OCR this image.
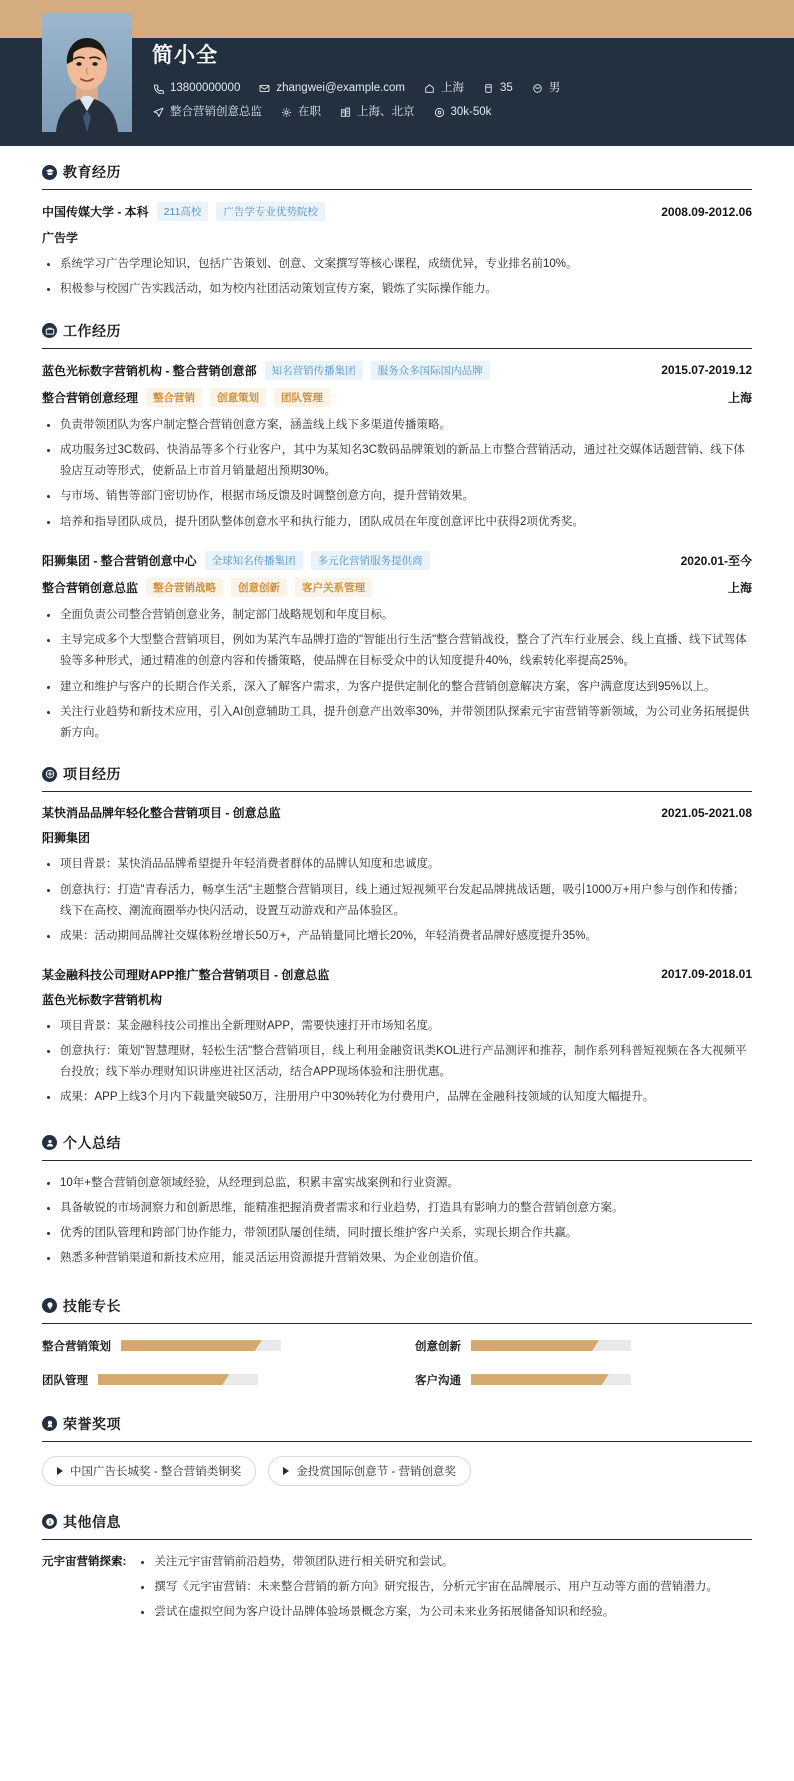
简小全
13800000000	zhangwei@example.com	上海	35	男
整合营销创意总监	在职	上海、北京	30k-50k
教育经历
中国传媒大学 - 本科	211高校	广告学专业优势院校	2008.09-2012.06
广告学
系统学习广告学理论知识，包括广告策划、创意、文案撰写等核心课程，成绩优异，专业排名前10%。
积极参与校园广告实践活动，如为校内社团活动策划宣传方案，锻炼了实际操作能力。
工作经历
蓝色光标数字营销机构 - 整合营销创意部	知名营销传播集团	服务众多国际国内品牌	2015.07-2019.12
整合营销创意经理	整合营销	创意策划	团队管理	上海
负责带领团队为客户制定整合营销创意方案，涵盖线上线下多渠道传播策略。
成功服务过3C数码、快消品等多个行业客户，其中为某知名3C数码品牌策划的新品上市整合营销活动，通过社交媒体话题营销、线下体验店互动等形式，使新品上市首月销量超出预期30%。
与市场、销售等部门密切协作，根据市场反馈及时调整创意方向，提升营销效果。
培养和指导团队成员，提升团队整体创意水平和执行能力，团队成员在年度创意评比中获得2项优秀奖。
阳狮集团 - 整合营销创意中心	全球知名传播集团	多元化营销服务提供商	2020.01-至今
整合营销创意总监	整合营销战略	创意创新	客户关系管理	上海
全面负责公司整合营销创意业务，制定部门战略规划和年度目标。
主导完成多个大型整合营销项目，例如为某汽车品牌打造的"智能出行生活"整合营销战役，整合了汽车行业展会、线上直播、线下试驾体验等多种形式，通过精准的创意内容和传播策略，使品牌在目标受众中的认知度提升40%，线索转化率提高25%。
建立和维护与客户的长期合作关系，深入了解客户需求，为客户提供定制化的整合营销创意解决方案，客户满意度达到95%以上。
关注行业趋势和新技术应用，引入AI创意辅助工具，提升创意产出效率30%，并带领团队探索元宇宙营销等新领域，为公司业务拓展提供新方向。
项目经历
某快消品品牌年轻化整合营销项目 - 创意总监	2021.05-2021.08
阳狮集团
项目背景：某快消品品牌希望提升年轻消费者群体的品牌认知度和忠诚度。
创意执行：打造"青春活力，畅享生活"主题整合营销项目，线上通过短视频平台发起品牌挑战话题，吸引1000万+用户参与创作和传播；线下在高校、潮流商圈举办快闪活动，设置互动游戏和产品体验区。
成果：活动期间品牌社交媒体粉丝增长50万+，产品销量同比增长20%，年轻消费者品牌好感度提升35%。
某金融科技公司理财APP推广整合营销项目 - 创意总监	2017.09-2018.01
蓝色光标数字营销机构
项目背景：某金融科技公司推出全新理财APP，需要快速打开市场知名度。
创意执行：策划"智慧理财，轻松生活"整合营销项目，线上利用金融资讯类KOL进行产品测评和推荐，制作系列科普短视频在各大视频平台投放；线下举办理财知识讲座进社区活动，结合APP现场体验和注册优惠。
成果：APP上线3个月内下载量突破50万，注册用户中30%转化为付费用户，品牌在金融科技领域的认知度大幅提升。
个人总结
10年+整合营销创意领域经验，从经理到总监，积累丰富实战案例和行业资源。
具备敏锐的市场洞察力和创新思维，能精准把握消费者需求和行业趋势，打造具有影响力的整合营销创意方案。
优秀的团队管理和跨部门协作能力，带领团队屡创佳绩，同时擅长维护客户关系，实现长期合作共赢。
熟悉多种营销渠道和新技术应用，能灵活运用资源提升营销效果、为企业创造价值。
技能专长
整合营销策划	创意创新
团队管理	客户沟通
荣誉奖项
中国广告长城奖 - 整合营销类铜奖	金投赏国际创意节 - 营销创意奖
其他信息
元宇宙营销探索:	关注元宇宙营销前沿趋势，带领团队进行相关研究和尝试。
撰写《元宇宙营销：未来整合营销的新方向》研究报告，分析元宇宙在品牌展示、用户互动等方面的营销潜力。
尝试在虚拟空间为客户设计品牌体验场景概念方案，为公司未来业务拓展储备知识和经验。
